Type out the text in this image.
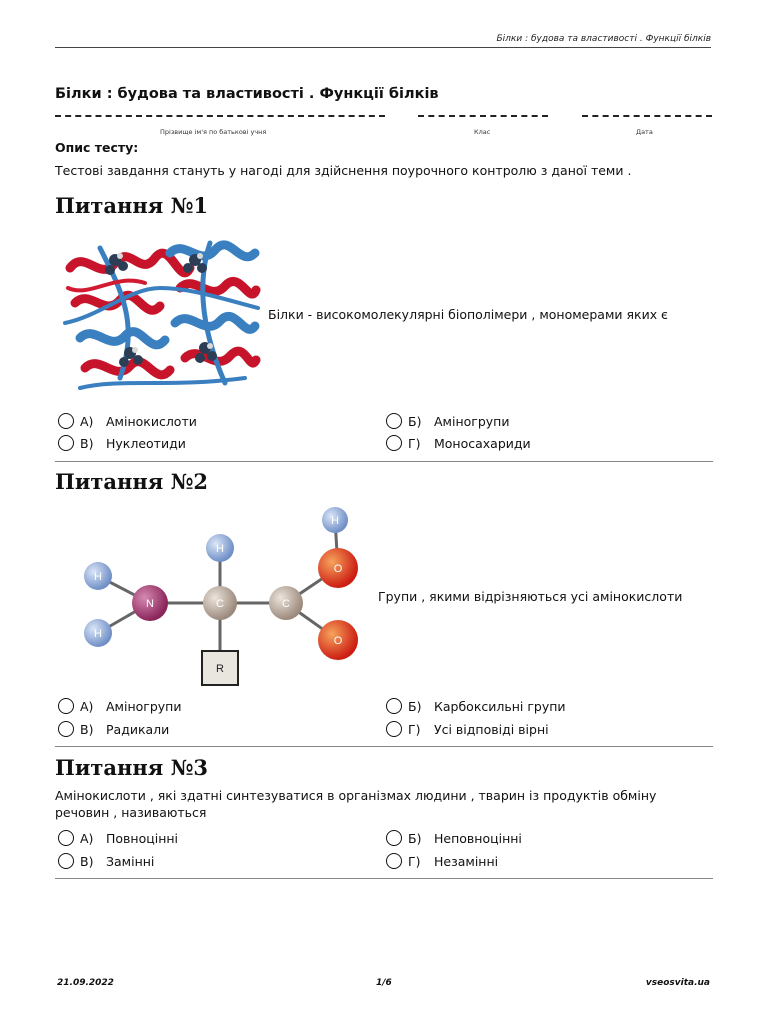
Білки : будова та властивості . Функції білків
Білки : будова та властивості . Функції білків
Прізвище ім'я по батькові учня	Клас	Дата
Опис тесту:
Тестові завдання стануть у нагоді для здійснення поурочного контролю з даної теми .
Питання №1
Білки - високомолекулярні біополімери , мономерами яких є
А)	Амінокислоти	Б)	Аміногрупи
В)	Нуклеотиди	Г)	Моносахариди
Питання №2
H
H
N
H
C	C
H
O
O
R
Групи , якими відрізняються усі амінокислоти
А)	Аміногрупи	Б)	Карбоксильні групи
В)	Радикали	Г)	Усі відповіді вірні
Питання №3
Амінокислоти , які здатні синтезуватися в організмах людини , тварин із продуктів обміну речовин , називаються
А)	Повноцінні	Б)	Неповноцінні
В)	Замінні	Г)	Незамінні
21.09.2022	1/6	vseosvita.ua
